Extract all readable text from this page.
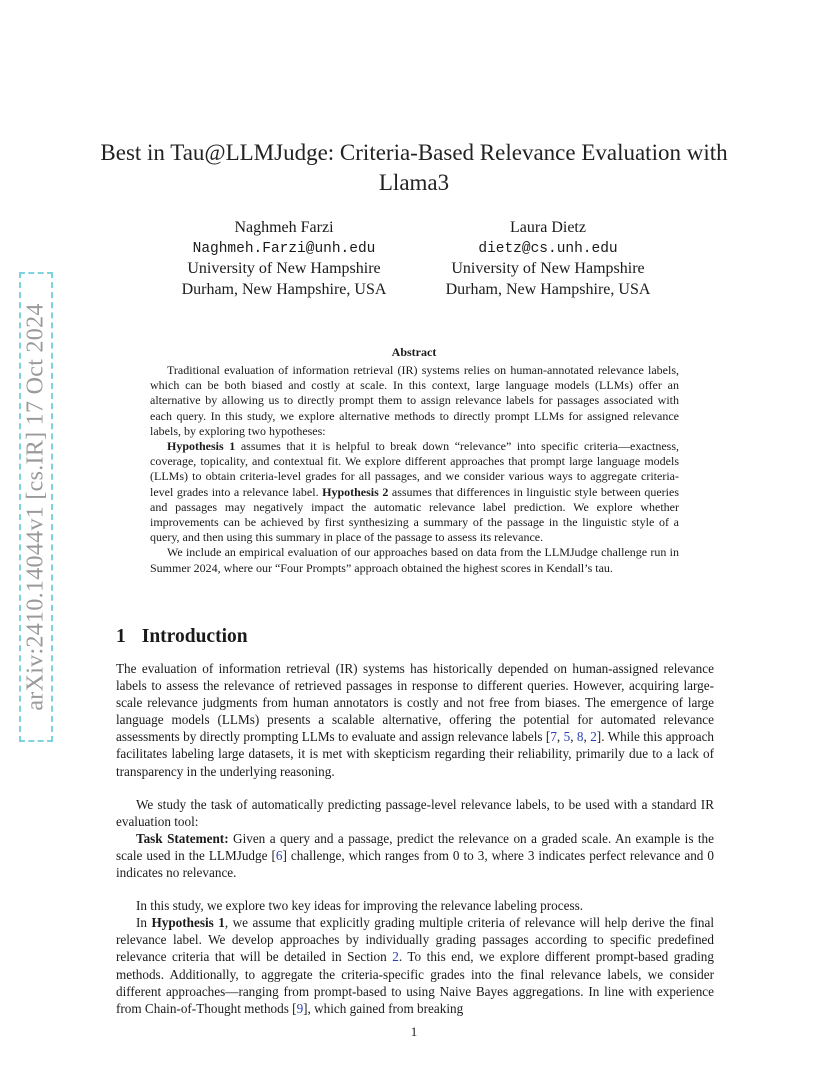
arXiv:2410.14044v1 [cs.IR] 17 Oct 2024
Best in Tau@LLMJudge: Criteria-Based Relevance Evaluation with Llama3
Naghmeh Farzi
Naghmeh.Farzi@unh.edu
University of New Hampshire
Durham, New Hampshire, USA
Laura Dietz
dietz@cs.unh.edu
University of New Hampshire
Durham, New Hampshire, USA
Abstract

Traditional evaluation of information retrieval (IR) systems relies on human-annotated relevance labels, which can be both biased and costly at scale. In this context, large language models (LLMs) offer an alternative by allowing us to directly prompt them to assign relevance labels for passages associated with each query. In this study, we explore alternative methods to directly prompt LLMs for assigned relevance labels, by exploring two hypotheses:

Hypothesis 1 assumes that it is helpful to break down “relevance” into specific criteria—exactness, coverage, topicality, and contextual fit. We explore different approaches that prompt large language models (LLMs) to obtain criteria-level grades for all passages, and we consider various ways to aggregate criteria-level grades into a relevance label. Hypothesis 2 assumes that differences in linguistic style between queries and passages may negatively impact the automatic relevance label prediction. We explore whether improvements can be achieved by first synthesizing a summary of the passage in the linguistic style of a query, and then using this summary in place of the passage to assess its relevance.

We include an empirical evaluation of our approaches based on data from the LLMJudge challenge run in Summer 2024, where our “Four Prompts” approach obtained the highest scores in Kendall’s tau.

1 Introduction

The evaluation of information retrieval (IR) systems has historically depended on human-assigned relevance labels to assess the relevance of retrieved passages in response to different queries. However, acquiring large-scale relevance judgments from human annotators is costly and not free from biases. The emergence of large language models (LLMs) presents a scalable alternative, offering the potential for automated relevance assessments by directly prompting LLMs to evaluate and assign relevance labels [7, 5, 8, 2]. While this approach facilitates labeling large datasets, it is met with skepticism regarding their reliability, primarily due to a lack of transparency in the underlying reasoning.

We study the task of automatically predicting passage-level relevance labels, to be used with a standard IR evaluation tool:

Task Statement: Given a query and a passage, predict the relevance on a graded scale. An example is the scale used in the LLMJudge [6] challenge, which ranges from 0 to 3, where 3 indicates perfect relevance and 0 indicates no relevance.

In this study, we explore two key ideas for improving the relevance labeling process.

In Hypothesis 1, we assume that explicitly grading multiple criteria of relevance will help derive the final relevance label. We develop approaches by individually grading passages according to specific predefined relevance criteria that will be detailed in Section 2. To this end, we explore different prompt-based grading methods. Additionally, to aggregate the criteria-specific grades into the final relevance labels, we consider different approaches—ranging from prompt-based to using Naive Bayes aggregations. In line with experience from Chain-of-Thought methods [9], which gained from breaking

1
